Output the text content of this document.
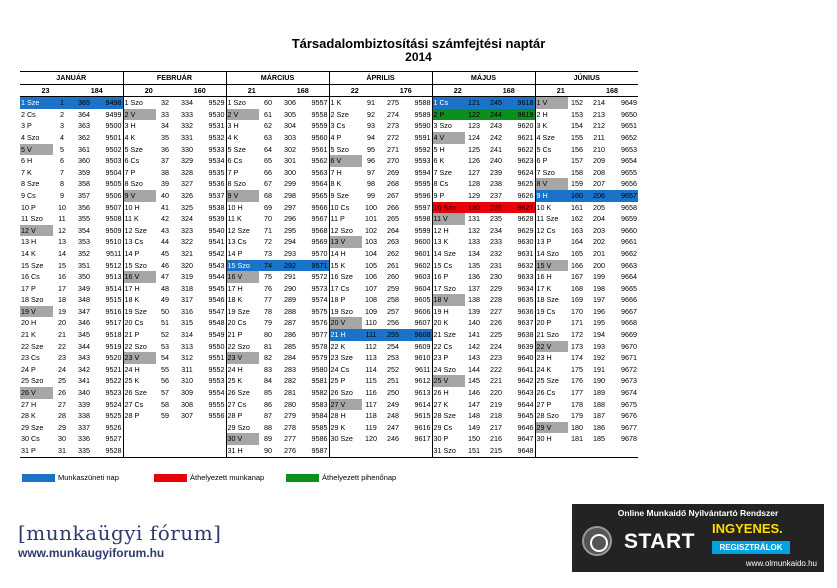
Társadalombiztosítási számfejtési naptár
2014
JANUÁR				FEBRUÁR				MÁRCIUS				ÁPRILIS				MÁJUS				JÚNIUS			
23		184		20		160		21		168		22		176		22		168		21		168	
1 Sze	1	365	9498	1 Szo	32	334	9529	1 Szo	60	306	9557	1 K	91	275	9588	1 Cs	121	245	9618	1 V	152	214	9649
2 Cs	2	364	9499	2 V	33	333	9530	2 V	61	305	9558	2 Sze	92	274	9589	2 P	122	244	9619	2 H	153	213	9650
3 P	3	363	9500	3 H	34	332	9531	3 H	62	304	9559	3 Cs	93	273	9590	3 Szo	123	243	9620	3 K	154	212	9651
4 Szo	4	362	9501	4 K	35	331	9532	4 K	63	303	9560	4 P	94	272	9591	4 V	124	242	9621	4 Sze	155	211	9652
5 V	5	361	9502	5 Sze	36	330	9533	5 Sze	64	302	9561	5 Szo	95	271	9592	5 H	125	241	9622	5 Cs	156	210	9653
6 H	6	360	9503	6 Cs	37	329	9534	6 Cs	65	301	9562	6 V	96	270	9593	6 K	126	240	9623	6 P	157	209	9654
7 K	7	359	9504	7 P	38	328	9535	7 P	66	300	9563	7 H	97	269	9594	7 Sze	127	239	9624	7 Szo	158	208	9655
8 Sze	8	358	9505	8 Szo	39	327	9536	8 Szo	67	299	9564	8 K	98	268	9595	8 Cs	128	238	9625	8 V	159	207	9656
9 Cs	9	357	9506	9 V	40	326	9537	9 V	68	298	9565	9 Sze	99	267	9596	9 P	129	237	9626	9 H	160	206	9657
10 P	10	356	9507	10 H	41	325	9538	10 H	69	297	9566	10 Cs	100	266	9597	10 Szo	130	236	9627	10 K	161	205	9658
11 Szo	11	355	9508	11 K	42	324	9539	11 K	70	296	9567	11 P	101	265	9598	11 V	131	235	9628	11 Sze	162	204	9659
12 V	12	354	9509	12 Sze	43	323	9540	12 Sze	71	295	9568	12 Szo	102	264	9599	12 H	132	234	9629	12 Cs	163	203	9660
13 H	13	353	9510	13 Cs	44	322	9541	13 Cs	72	294	9569	13 V	103	263	9600	13 K	133	233	9630	13 P	164	202	9661
14 K	14	352	9511	14 P	45	321	9542	14 P	73	293	9570	14 H	104	262	9601	14 Sze	134	232	9631	14 Szo	165	201	9662
15 Sze	15	351	9512	15 Szo	46	320	9543	15 Szo	74	292	9571	15 K	105	261	9602	15 Cs	135	231	9632	15 V	166	200	9663
16 Cs	16	350	9513	16 V	47	319	9544	16 V	75	291	9572	16 Sze	106	260	9603	16 P	136	230	9633	16 H	167	199	9664
17 P	17	349	9514	17 H	48	318	9545	17 H	76	290	9573	17 Cs	107	259	9604	17 Szo	137	229	9634	17 K	168	198	9665
18 Szo	18	348	9515	18 K	49	317	9546	18 K	77	289	9574	18 P	108	258	9605	18 V	138	228	9635	18 Sze	169	197	9666
19 V	19	347	9516	19 Sze	50	316	9547	19 Sze	78	288	9575	19 Szo	109	257	9606	19 H	139	227	9636	19 Cs	170	196	9667
20 H	20	346	9517	20 Cs	51	315	9548	20 Cs	79	287	9576	20 V	110	256	9607	20 K	140	226	9637	20 P	171	195	9668
21 K	21	345	9518	21 P	52	314	9549	21 P	80	286	9577	21 H	111	255	9608	21 Sze	141	225	9638	21 Szo	172	194	9669
22 Sze	22	344	9519	22 Szo	53	313	9550	22 Szo	81	285	9578	22 K	112	254	9609	22 Cs	142	224	9639	22 V	173	193	9670
23 Cs	23	343	9520	23 V	54	312	9551	23 V	82	284	9579	23 Sze	113	253	9610	23 P	143	223	9640	23 H	174	192	9671
24 P	24	342	9521	24 H	55	311	9552	24 H	83	283	9580	24 Cs	114	252	9611	24 Szo	144	222	9641	24 K	175	191	9672
25 Szo	25	341	9522	25 K	56	310	9553	25 K	84	282	9581	25 P	115	251	9612	25 V	145	221	9642	25 Sze	176	190	9673
26 V	26	340	9523	26 Sze	57	309	9554	26 Sze	85	281	9582	26 Szo	116	250	9613	26 H	146	220	9643	26 Cs	177	189	9674
27 H	27	339	9524	27 Cs	58	308	9555	27 Cs	86	280	9583	27 V	117	249	9614	27 K	147	219	9644	27 P	178	188	9675
28 K	28	338	9525	28 P	59	307	9556	28 P	87	279	9584	28 H	118	248	9615	28 Sze	148	218	9645	28 Szo	179	187	9676
29 Sze	29	337	9526					29 Szo	88	278	9585	29 K	119	247	9616	29 Cs	149	217	9646	29 V	180	186	9677
30 Cs	30	336	9527					30 V	89	277	9586	30 Sze	120	246	9617	30 P	150	216	9647	30 H	181	185	9678
31 P	31	335	9528					31 H	90	276	9587					31 Szo	151	215	9648				
Munkaszüneti nap	Áthelyezett munkanap	Áthelyezett pihenőnap
[munkaügyi fórum]
www.munkaugyiforum.hu
Online Munkaidő Nyilvántartó Rendszer
START
INGYENES.
REGISZTRÁLOK
www.olmunkaido.hu
